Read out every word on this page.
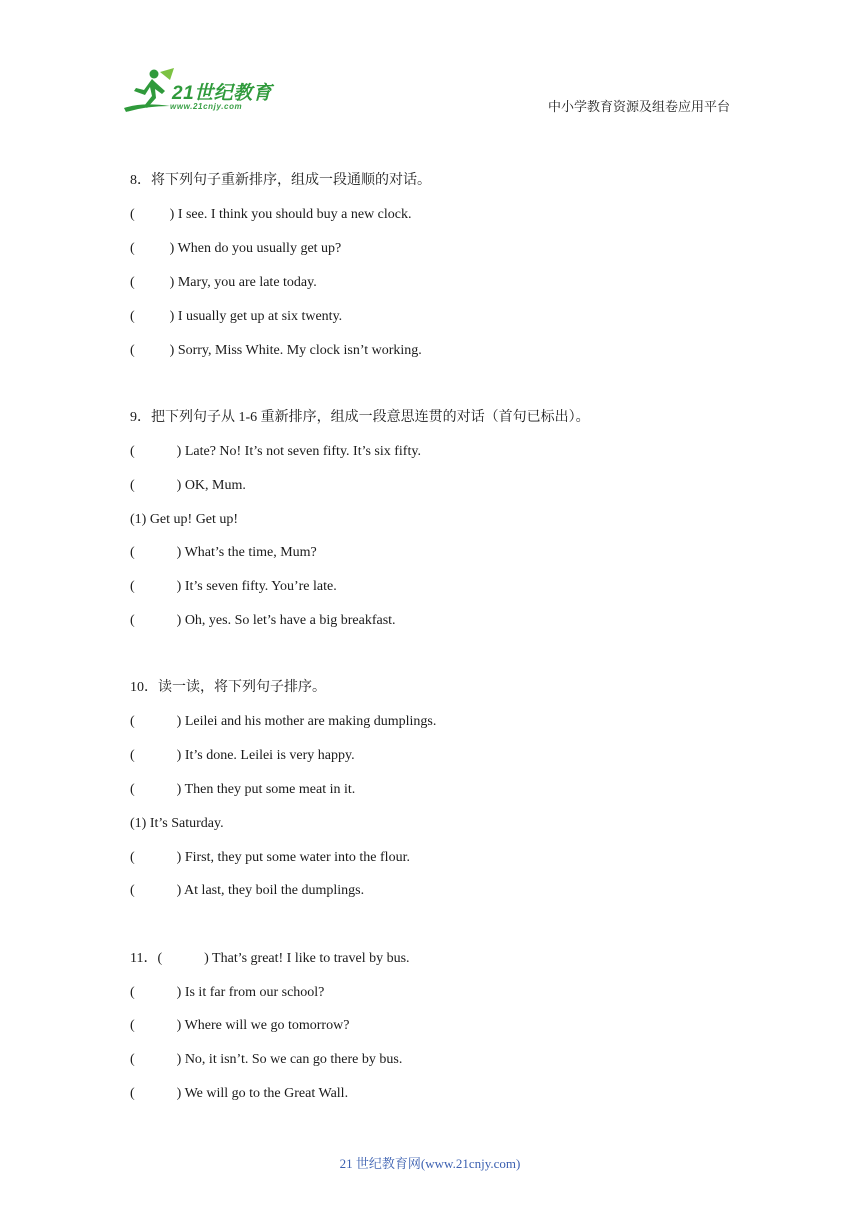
21世纪教育
www.21cnjy.com	中小学教育资源及组卷应用平台
8．将下列句子重新排序，组成一段通顺的对话。
(          ) I see. I think you should buy a new clock.
(          ) When do you usually get up?
(          ) Mary, you are late today.
(          ) I usually get up at six twenty.
(          ) Sorry, Miss White. My clock isn’t working.
9．把下列句子从 1-6 重新排序，组成一段意思连贯的对话（首句已标出）。
(            ) Late? No! It’s not seven fifty. It’s six fifty.
(            ) OK, Mum.
(1) Get up! Get up!
(            ) What’s the time, Mum?
(            ) It’s seven fifty. You’re late.
(            ) Oh, yes. So let’s have a big breakfast.
10．读一读，将下列句子排序。
(            ) Leilei and his mother are making dumplings.
(            ) It’s done. Leilei is very happy.
(            ) Then they put some meat in it.
(1) It’s Saturday.
(            ) First, they put some water into the flour.
(            ) At last, they boil the dumplings.
11．(            ) That’s great! I like to travel by bus.
(            ) Is it far from our school?
(            ) Where will we go tomorrow?
(            ) No, it isn’t. So we can go there by bus.
(            ) We will go to the Great Wall.
21 世纪教育网(www.21cnjy.com)
